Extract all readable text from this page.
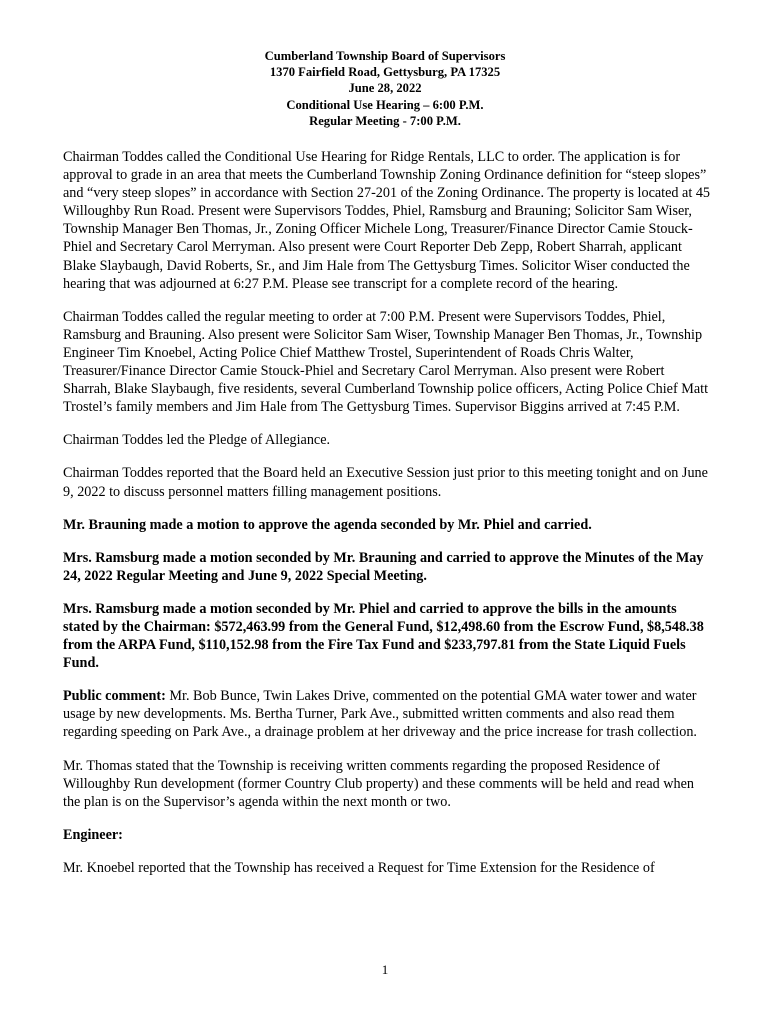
Cumberland Township Board of Supervisors
1370 Fairfield Road, Gettysburg, PA 17325
June 28, 2022
Conditional Use Hearing – 6:00 P.M.
Regular Meeting - 7:00 P.M.

Chairman Toddes called the Conditional Use Hearing for Ridge Rentals, LLC to order. The application is for approval to grade in an area that meets the Cumberland Township Zoning Ordinance definition for “steep slopes” and “very steep slopes” in accordance with Section 27-201 of the Zoning Ordinance. The property is located at 45 Willoughby Run Road. Present were Supervisors Toddes, Phiel, Ramsburg and Brauning; Solicitor Sam Wiser, Township Manager Ben Thomas, Jr., Zoning Officer Michele Long, Treasurer/Finance Director Camie Stouck-Phiel and Secretary Carol Merryman. Also present were Court Reporter Deb Zepp, Robert Sharrah, applicant Blake Slaybaugh, David Roberts, Sr., and Jim Hale from The Gettysburg Times. Solicitor Wiser conducted the hearing that was adjourned at 6:27 P.M. Please see transcript for a complete record of the hearing.

Chairman Toddes called the regular meeting to order at 7:00 P.M. Present were Supervisors Toddes, Phiel, Ramsburg and Brauning. Also present were Solicitor Sam Wiser, Township Manager Ben Thomas, Jr., Township Engineer Tim Knoebel, Acting Police Chief Matthew Trostel, Superintendent of Roads Chris Walter, Treasurer/Finance Director Camie Stouck-Phiel and Secretary Carol Merryman. Also present were Robert Sharrah, Blake Slaybaugh, five residents, several Cumberland Township police officers, Acting Police Chief Matt Trostel’s family members and Jim Hale from The Gettysburg Times. Supervisor Biggins arrived at 7:45 P.M.

Chairman Toddes led the Pledge of Allegiance.

Chairman Toddes reported that the Board held an Executive Session just prior to this meeting tonight and on June 9, 2022 to discuss personnel matters filling management positions.

Mr. Brauning made a motion to approve the agenda seconded by Mr. Phiel and carried.

Mrs. Ramsburg made a motion seconded by Mr. Brauning and carried to approve the Minutes of the May 24, 2022 Regular Meeting and June 9, 2022 Special Meeting.

Mrs. Ramsburg made a motion seconded by Mr. Phiel and carried to approve the bills in the amounts stated by the Chairman: $572,463.99 from the General Fund, $12,498.60 from the Escrow Fund, $8,548.38 from the ARPA Fund, $110,152.98 from the Fire Tax Fund and $233,797.81 from the State Liquid Fuels Fund.

Public comment: Mr. Bob Bunce, Twin Lakes Drive, commented on the potential GMA water tower and water usage by new developments. Ms. Bertha Turner, Park Ave., submitted written comments and also read them regarding speeding on Park Ave., a drainage problem at her driveway and the price increase for trash collection.

Mr. Thomas stated that the Township is receiving written comments regarding the proposed Residence of Willoughby Run development (former Country Club property) and these comments will be held and read when the plan is on the Supervisor’s agenda within the next month or two.

Engineer:

Mr. Knoebel reported that the Township has received a Request for Time Extension for the Residence of

1
